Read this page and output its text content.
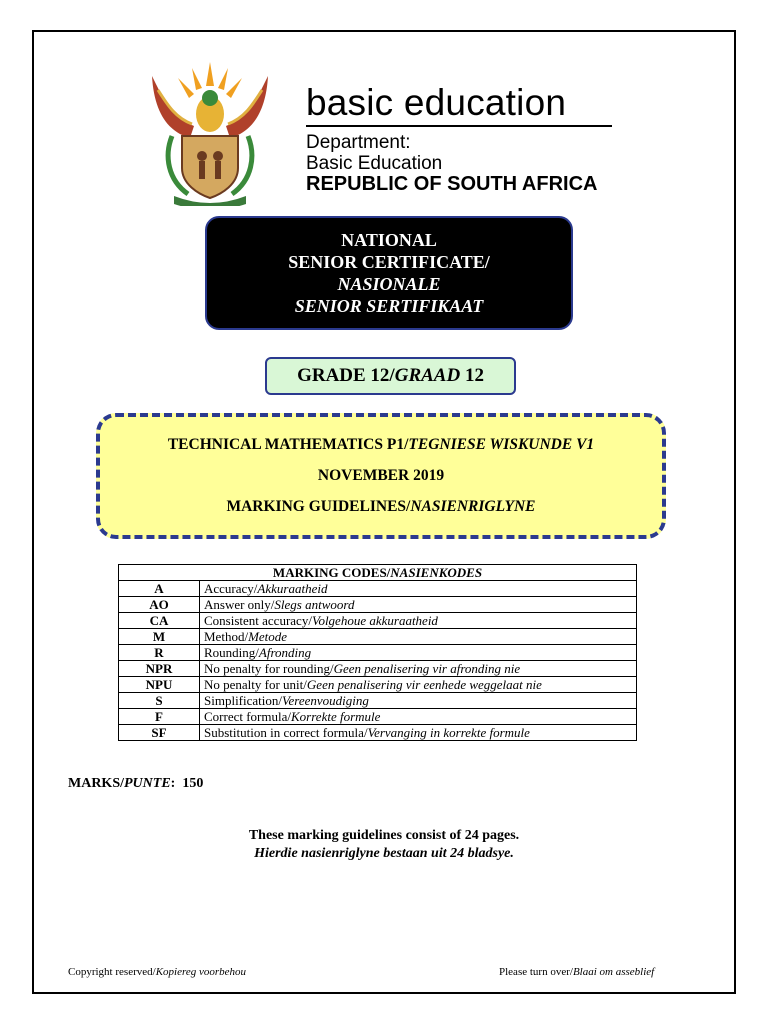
basic education
Department:
Basic Education
REPUBLIC OF SOUTH AFRICA
NATIONAL
SENIOR CERTIFICATE/
NASIONALE
SENIOR SERTIFIKAAT
GRADE 12/ GRAAD 12
TECHNICAL MATHEMATICS P1/TEGNIESE WISKUNDE V1
NOVEMBER 2019
MARKING GUIDELINES/NASIENRIGLYNE
MARKING CODES/NASIENKODES	
A	Accuracy/Akkuraatheid
AO	Answer only/Slegs antwoord
CA	Consistent accuracy/Volgehoue akkuraatheid
M	Method/Metode
R	Rounding/Afronding
NPR	No penalty for rounding/Geen penalisering vir afronding nie
NPU	No penalty for unit/Geen penalisering vir eenhede weggelaat nie
S	Simplification/Vereenvoudiging
F	Correct formula/Korrekte formule
SF	Substitution in correct formula/Vervanging in korrekte formule
MARKS/PUNTE:  150
These marking guidelines consist of 24 pages.
Hierdie nasienriglyne bestaan uit 24 bladsye.
Copyright reserved/Kopiereg voorbehou	Please turn over/Blaai om asseblief
